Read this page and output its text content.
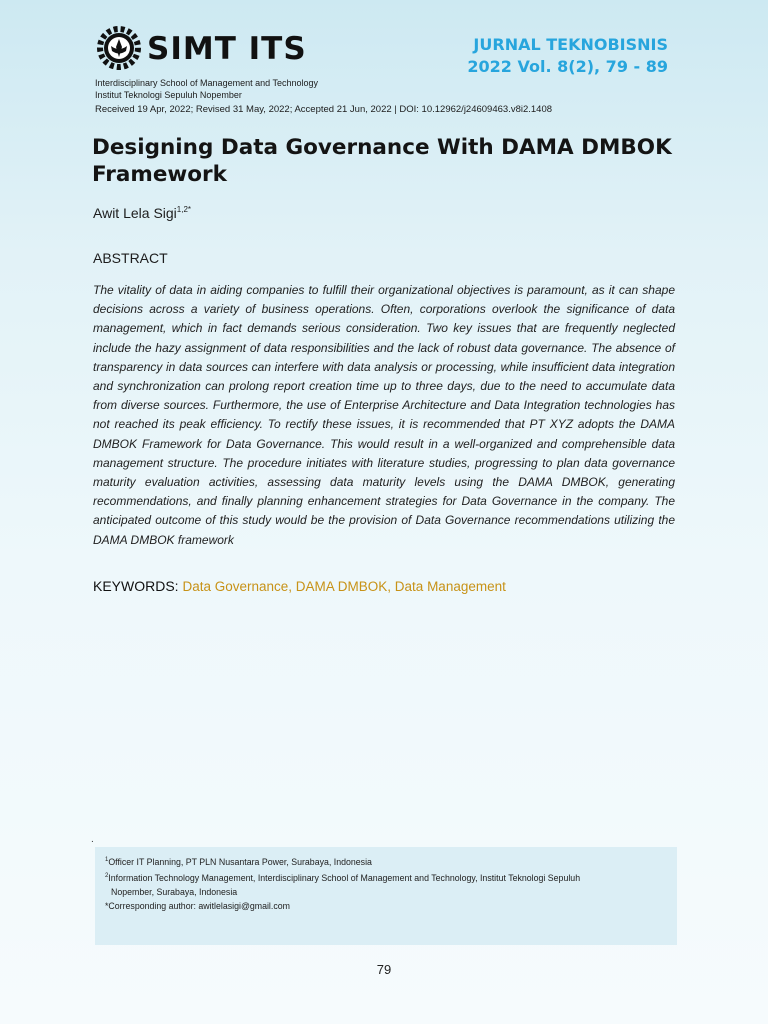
SIMT ITS	JURNAL TEKNOBISNIS
2022 Vol. 8(2), 79 - 89
Interdisciplinary School of Management and Technology
Institut Teknologi Sepuluh Nopember
Received 19 Apr, 2022; Revised 31 May, 2022; Accepted 21 Jun, 2022 | DOI: 10.12962/j24609463.v8i2.1408
Designing Data Governance With DAMA DMBOK Framework
Awit Lela Sigi$^{1,2*}$
ABSTRACT

The vitality of data in aiding companies to fulfill their organizational objectives is paramount, as it can shape decisions across a variety of business operations. Often, corporations overlook the significance of data management, which in fact demands serious consideration. Two key issues that are frequently neglected include the hazy assignment of data responsibilities and the lack of robust data governance. The absence of transparency in data sources can interfere with data analysis or processing, while insufficient data integration and synchronization can prolong report creation time up to three days, due to the need to accumulate data from diverse sources. Furthermore, the use of Enterprise Architecture and Data Integration technologies has not reached its peak efficiency. To rectify these issues, it is recommended that PT XYZ adopts the DAMA DMBOK Framework for Data Governance. This would result in a well-organized and comprehensible data management structure. The procedure initiates with literature studies, progressing to plan data governance maturity evaluation activities, assessing data maturity levels using the DAMA DMBOK, generating recommendations, and finally planning enhancement strategies for Data Governance in the company. The anticipated outcome of this study would be the provision of Data Governance recommendations utilizing the DAMA DMBOK framework

KEYWORDS: Data Governance, DAMA DMBOK, Data Management
.
$^1$Officer IT Planning, PT PLN Nusantara Power, Surabaya, Indonesia
$^2$Information Technology Management, Interdisciplinary School of Management and Technology, Institut Teknologi Sepuluh
Nopember, Surabaya, Indonesia
*Corresponding author: awitlelasigi@gmail.com
79
